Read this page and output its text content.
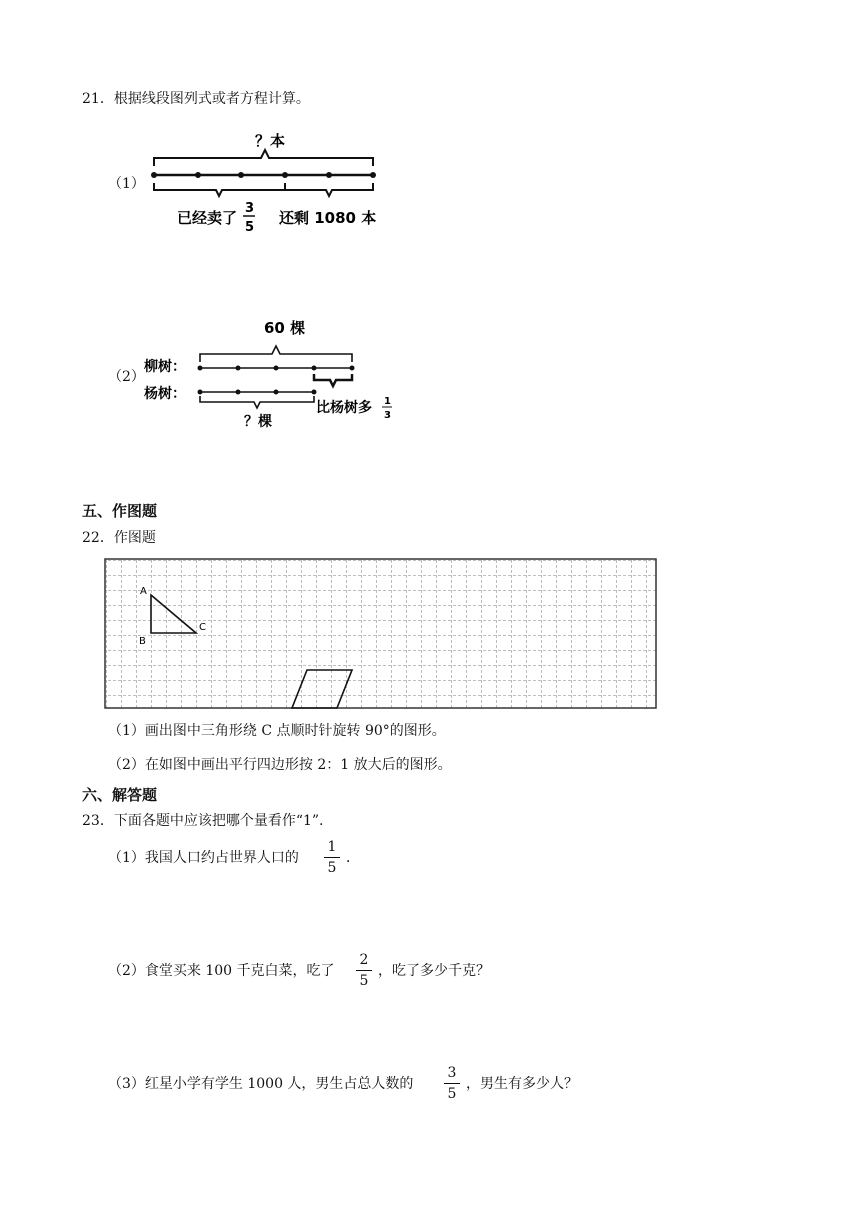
21．根据线段图列式或者方程计算。
（1）
？本
已经卖了
3
5
还剩 1080 本
（2）
60 棵
柳树：
杨树：
？棵
比杨树多 1
3
五、作图题
22．作图题
A
B
C
（1）画出图中三角形绕 C 点顺时针旋转 90°的图形。
（2）在如图中画出平行四边形按 2：1 放大后的图形。
六、解答题
23．下面各题中应该把哪个量看作“1”.
（1）我国人口约占世界人口的
1
5
．
（2）食堂买来 100 千克白菜，吃了
2
5
，吃了多少千克？
（3）红星小学有学生 1000 人，男生占总人数的
3
5
，男生有多少人？
